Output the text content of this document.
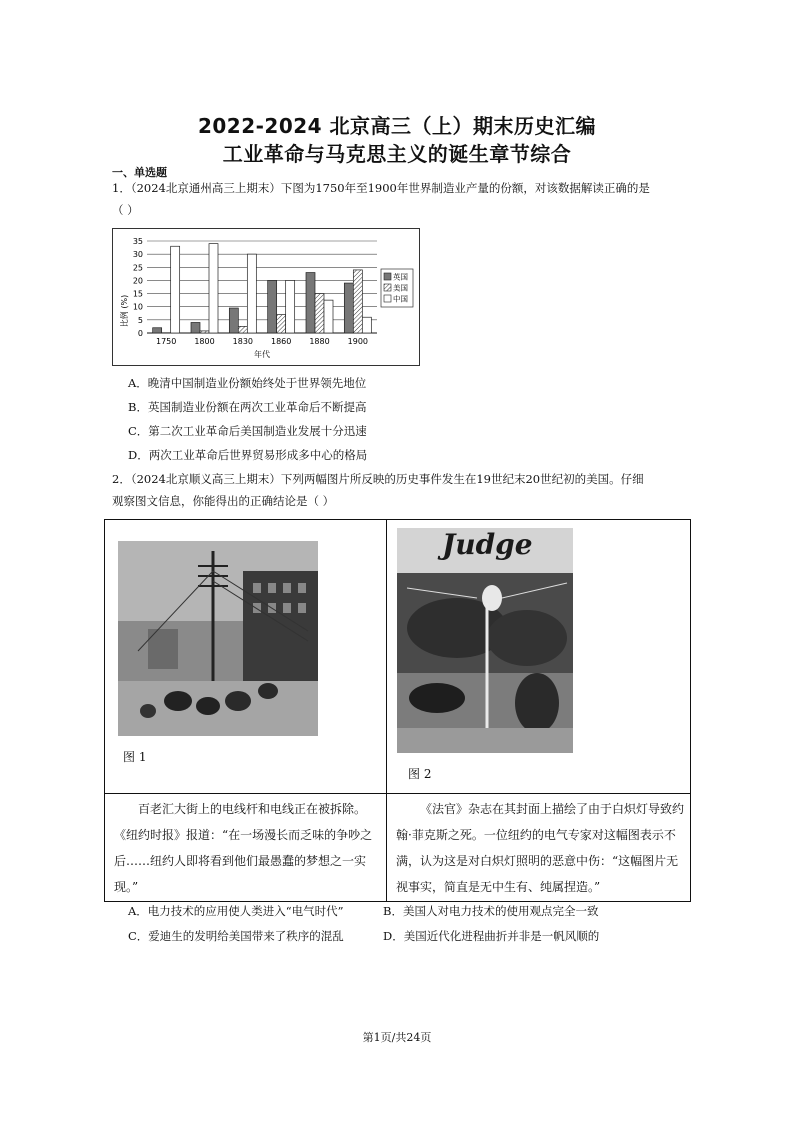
2022-2024 北京高三（上）期末历史汇编
工业革命与马克思主义的诞生章节综合
一、单选题
1．（2024北京通州高三上期末）下图为1750年至1900年世界制造业产量的份额，对该数据解读正确的是
（ ）
0
5
10
15
20
25
30
35
1750 1800 1830 1860 1880 1900
英国
美国
中国
比例 (%)
年代
A．晚清中国制造业份额始终处于世界领先地位
B．英国制造业份额在两次工业革命后不断提高
C．第二次工业革命后美国制造业发展十分迅速
D．两次工业革命后世界贸易形成多中心的格局
2．（2024北京顺义高三上期末）下列两幅图片所反映的历史事件发生在19世纪末20世纪初的美国。仔细
观察图文信息，你能得出的正确结论是（ ）
图 1
Judge
图 2
百老汇大街上的电线杆和电线正在被拆除。
《纽约时报》报道：“在一场漫长而乏味的争吵之
后……纽约人即将看到他们最愚蠢的梦想之一实
现。”
《法官》杂志在其封面上描绘了由于白炽灯导致约
翰·菲克斯之死。一位纽约的电气专家对这幅图表示不
满，认为这是对白炽灯照明的恶意中伤：“这幅图片无
视事实，简直是无中生有、纯属捏造。”
A．电力技术的应用使人类进入“电气时代”	B．美国人对电力技术的使用观点完全一致
C．爱迪生的发明给美国带来了秩序的混乱	D．美国近代化进程曲折并非是一帆风顺的
第1页/共24页
